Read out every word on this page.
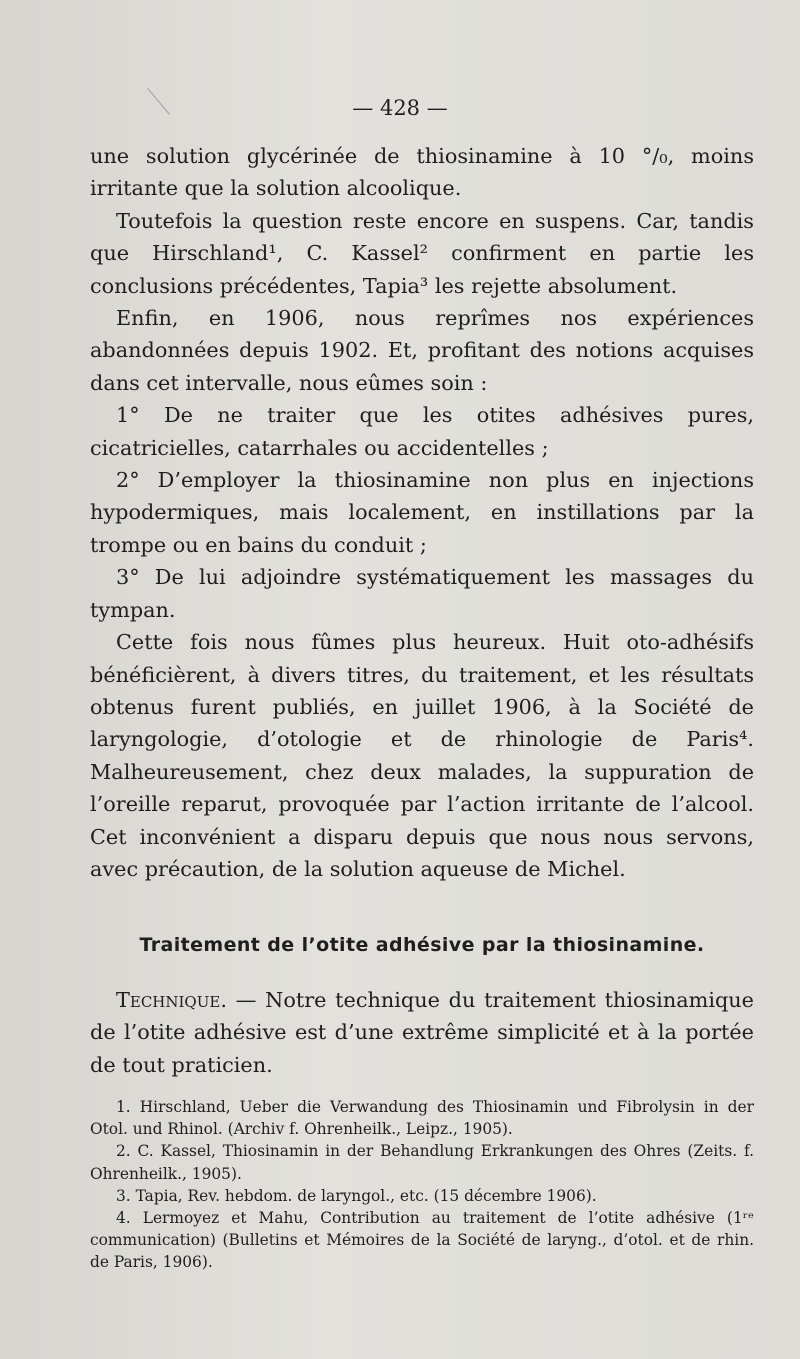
— 428 —

une solution glycérinée de thiosinamine à 10 °/₀, moins irritante que la solution alcoolique.

Toutefois la question reste encore en suspens. Car, tandis que Hirschland¹, C. Kassel² confirment en partie les conclusions précédentes, Tapia³ les rejette absolument.

Enfin, en 1906, nous reprîmes nos expériences abandonnées depuis 1902. Et, profitant des notions acquises dans cet intervalle, nous eûmes soin :

1° De ne traiter que les otites adhésives pures, cicatricielles, catarrhales ou accidentelles ;

2° D’employer la thiosinamine non plus en injections hypodermiques, mais localement, en instillations par la trompe ou en bains du conduit ;

3° De lui adjoindre systématiquement les massages du tympan.

Cette fois nous fûmes plus heureux. Huit oto-adhésifs bénéficièrent, à divers titres, du traitement, et les résultats obtenus furent publiés, en juillet 1906, à la Société de laryngologie, d’otologie et de rhinologie de Paris⁴. Malheureusement, chez deux malades, la suppuration de l’oreille reparut, provoquée par l’action irritante de l’alcool. Cet inconvénient a disparu depuis que nous nous servons, avec précaution, de la solution aqueuse de Michel.

Traitement de l’otite adhésive par la thiosinamine.

Technique. — Notre technique du traitement thiosinamique de l’otite adhésive est d’une extrême simplicité et à la portée de tout praticien.

1. Hirschland, Ueber die Verwandung des Thiosinamin und Fibrolysin in der Otol. und Rhinol. (Archiv f. Ohrenheilk., Leipz., 1905).

2. C. Kassel, Thiosinamin in der Behandlung Erkrankungen des Ohres (Zeits. f. Ohrenheilk., 1905).

3. Tapia, Rev. hebdom. de laryngol., etc. (15 décembre 1906).

4. Lermoyez et Mahu, Contribution au traitement de l’otite adhésive (1ʳᵉ communication) (Bulletins et Mémoires de la Société de laryng., d’otol. et de rhin. de Paris, 1906).
